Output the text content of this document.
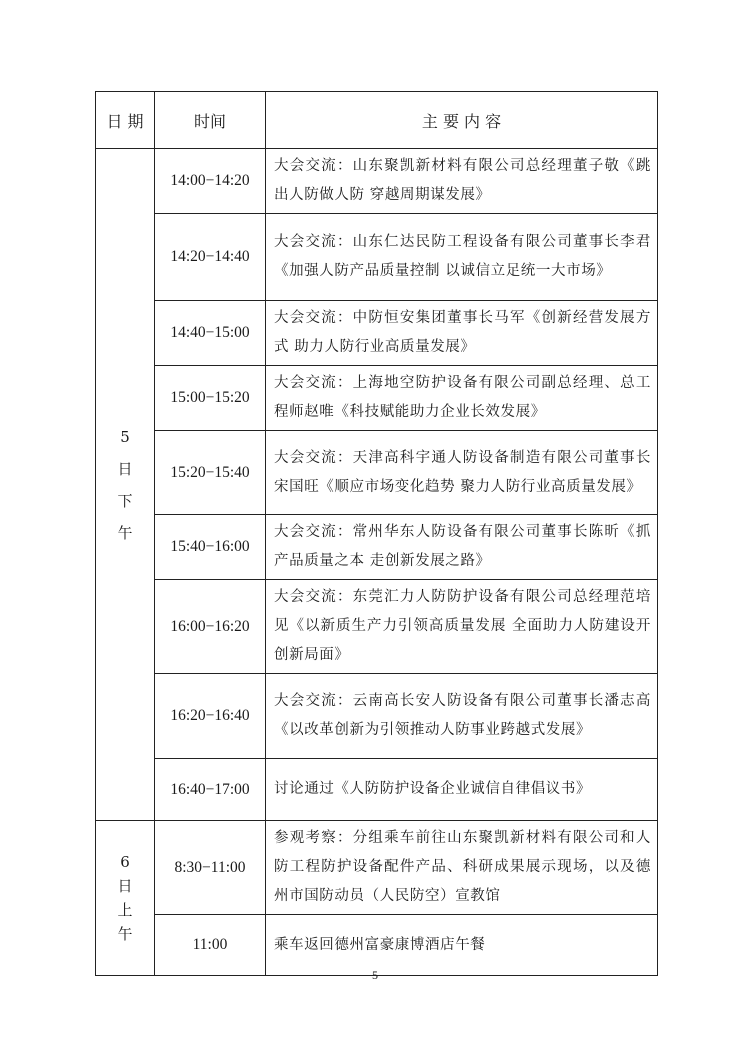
日 期	时间	主 要 内 容

5 日 下 午	14:00−14:20	大会交流：山东聚凯新材料有限公司总经理董子敬《跳出人防做人防 穿越周期谋发展》
	14:20−14:40	大会交流：山东仁达民防工程设备有限公司董事长李君《加强人防产品质量控制 以诚信立足统一大市场》
	14:40−15:00	大会交流：中防恒安集团董事长马军《创新经营发展方式 助力人防行业高质量发展》
	15:00−15:20	大会交流：上海地空防护设备有限公司副总经理、总工程师赵唯《科技赋能助力企业长效发展》
	15:20−15:40	大会交流：天津高科宇通人防设备制造有限公司董事长宋国旺《顺应市场变化趋势 聚力人防行业高质量发展》
	15:40−16:00	大会交流：常州华东人防设备有限公司董事长陈昕《抓产品质量之本 走创新发展之路》
	16:00−16:20	大会交流：东莞汇力人防防护设备有限公司总经理范培见《以新质生产力引领高质量发展 全面助力人防建设开创新局面》
	16:20−16:40	大会交流：云南高长安人防设备有限公司董事长潘志高《以改革创新为引领推动人防事业跨越式发展》
	16:40−17:00	讨论通过《人防防护设备企业诚信自律倡议书》

6 日 上 午	8:30−11:00	参观考察：分组乘车前往山东聚凯新材料有限公司和人防工程防护设备配件产品、科研成果展示现场，以及德州市国防动员（人民防空）宣教馆
	11:00	乘车返回德州富豪康博酒店午餐
5
